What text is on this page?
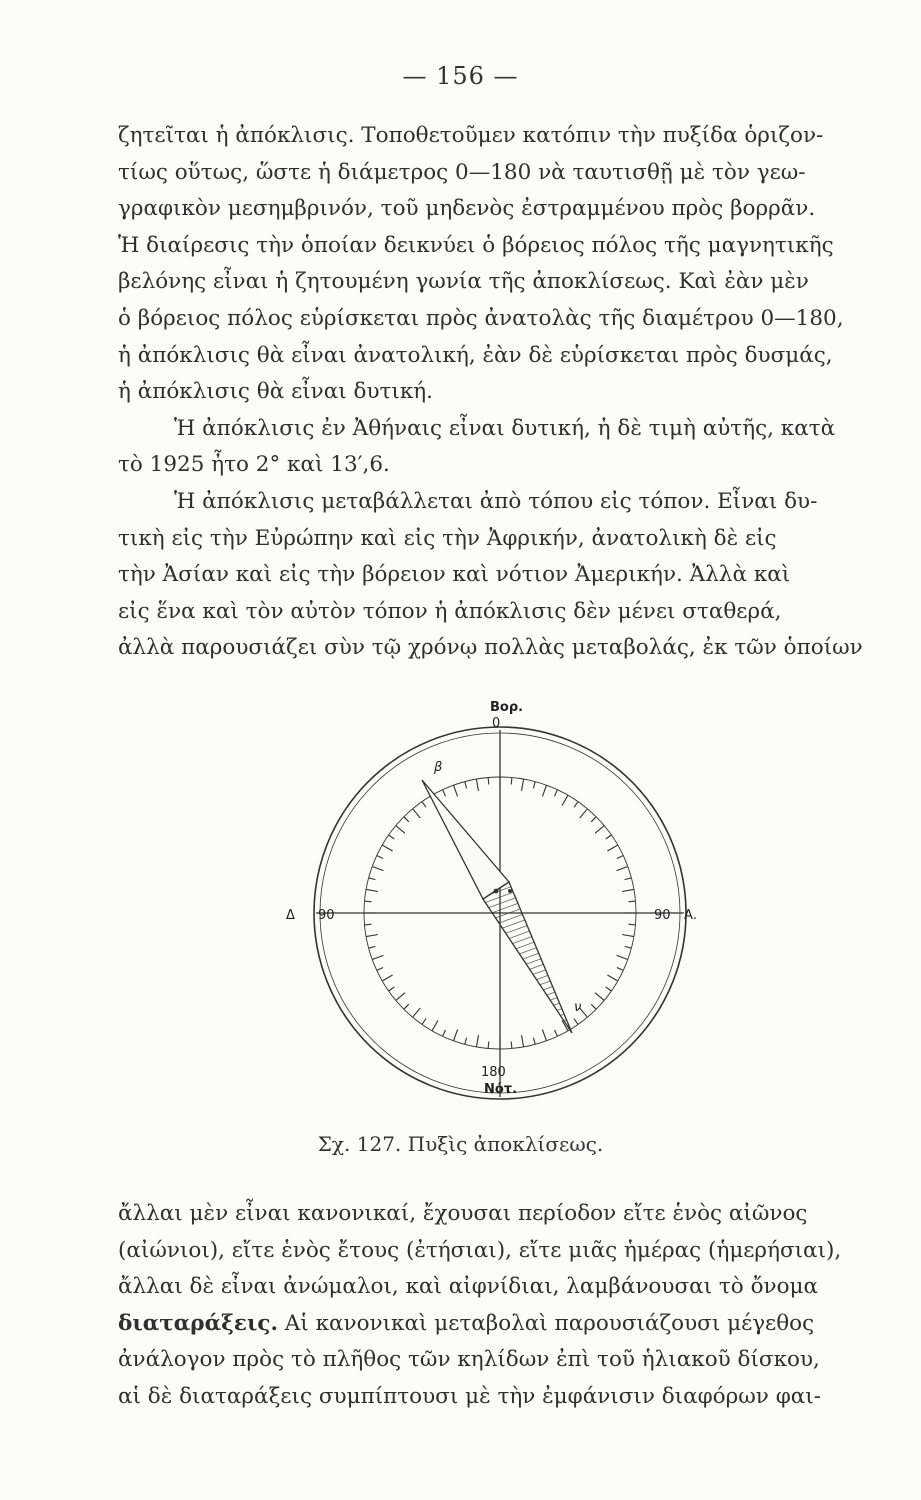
— 156 —

ζητεῖται ἡ ἀπόκλισις. Τοποθετοῦμεν κατόπιν τὴν πυξίδα ὁριζον-
τίως οὕτως, ὥστε ἡ διάμετρος 0—180 νὰ ταυτισθῇ μὲ τὸν γεω-
γραφικὸν μεσημβρινόν, τοῦ μηδενὸς ἐστραμμένου πρὸς βορρᾶν.
Ἡ διαίρεσις τὴν ὁποίαν δεικνύει ὁ βόρειος πόλος τῆς μαγνητικῆς
βελόνης εἶναι ἡ ζητουμένη γωνία τῆς ἀποκλίσεως. Καὶ ἐὰν μὲν
ὁ βόρειος πόλος εὑρίσκεται πρὸς ἀνατολὰς τῆς διαμέτρου 0—180,
ἡ ἀπόκλισις θὰ εἶναι ἀνατολική, ἐὰν δὲ εὑρίσκεται πρὸς δυσμάς,
ἡ ἀπόκλισις θὰ εἶναι δυτική.
Ἡ ἀπόκλισις ἐν Ἀθήναις εἶναι δυτική, ἡ δὲ τιμὴ αὐτῆς, κατὰ
τὸ 1925 ἦτο 2° καὶ 13′,6.
Ἡ ἀπόκλισις μεταβάλλεται ἀπὸ τόπου εἰς τόπον. Εἶναι δυ-
τικὴ εἰς τὴν Εὐρώπην καὶ εἰς τὴν Ἀφρικήν, ἀνατολικὴ δὲ εἰς
τὴν Ἀσίαν καὶ εἰς τὴν βόρειον καὶ νότιον Ἀμερικήν. Ἀλλὰ καὶ
εἰς ἕνα καὶ τὸν αὐτὸν τόπον ἡ ἀπόκλισις δὲν μένει σταθερά,
ἀλλὰ παρουσιάζει σὺν τῷ χρόνῳ πολλὰς μεταβολάς, ἐκ τῶν ὁποίων

Βορ.
0
180
Νότ.
Δ 90	90 Α.
β
ν
Σχ. 127. Πυξὶς ἀποκλίσεως.

ἄλλαι μὲν εἶναι κανονικαί, ἔχουσαι περίοδον εἴτε ἑνὸς αἰῶνος
(αἰώνιοι), εἴτε ἑνὸς ἔτους (ἐτήσιαι), εἴτε μιᾶς ἡμέρας (ἡμερήσιαι),
ἄλλαι δὲ εἶναι ἀνώμαλοι, καὶ αἰφνίδιαι, λαμβάνουσαι τὸ ὄνομα
διαταράξεις. Αἱ κανονικαὶ μεταβολαὶ παρουσιάζουσι μέγεθος
ἀνάλογον πρὸς τὸ πλῆθος τῶν κηλίδων ἐπὶ τοῦ ἡλιακοῦ δίσκου,
αἱ δὲ διαταράξεις συμπίπτουσι μὲ τὴν ἐμφάνισιν διαφόρων φαι-
